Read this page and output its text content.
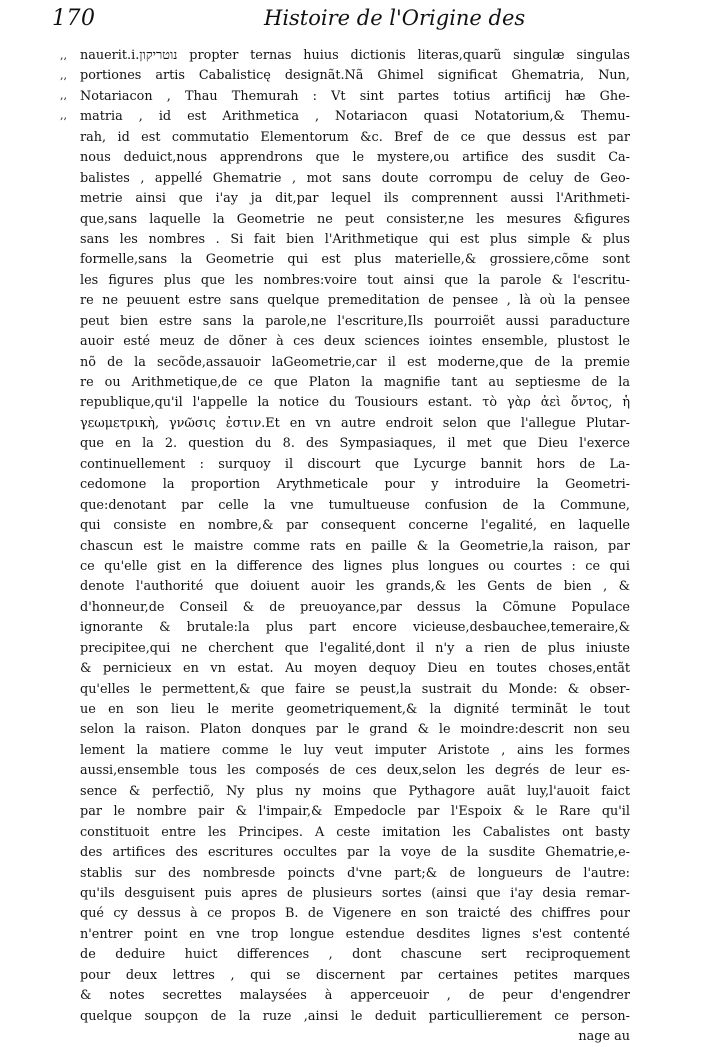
170	Histoire de l'Origine des
,,
,,
,,
,,
nauerit.i.נוטריקון propter ternas huius dictionis literas,quarũ singulæ singulas
portiones artis Cabalisticę designãt.Nã Ghimel significat Ghematria, Nun,
Notariacon , Thau Themurah : Vt sint partes totius artificij hæ Ghe-
matria , id est Arithmetica , Notariacon quasi Notatorium,& Themu-
rah, id est commutatio Elementorum &c. Bref de ce que dessus est par
nous deduict,nous apprendrons que le mystere,ou artifice des susdit Ca-
balistes , appellé Ghematrie , mot sans doute corrompu de celuy de Geo-
metrie ainsi que i'ay ja dit,par lequel ils comprennent aussi l'Arithmeti-
que,sans laquelle la Geometrie ne peut consister,ne les mesures &figures
sans les nombres . Si fait bien l'Arithmetique qui est plus simple & plus
formelle,sans la Geometrie qui est plus materielle,& grossiere,cõme sont
les figures plus que les nombres:voire tout ainsi que la parole & l'escritu-
re ne peuuent estre sans quelque premeditation de pensee , là où la pensee
peut bien estre sans la parole,ne l'escriture,Ils pourroiẽt aussi paraducture
auoir esté meuz de dõner à ces deux sciences iointes ensemble, plustost le
nõ de la secõde,assauoir laGeometrie,car il est moderne,que de la premie
re ou Arithmetique,de ce que Platon la magnifie tant au septiesme de la
republique,qu'il l'appelle la notice du Tousiours estant. τὸ γὰρ ἀεὶ ὄντος, ἡ
γεωμετρικὴ, γνῶσις ἐστιν.Et en vn autre endroit selon que l'allegue Plutar-
que en la 2. question du 8. des Sympasiaques, il met que Dieu l'exerce
continuellement : surquoy il discourt que Lycurge bannit hors de La-
cedomone la proportion Arythmeticale pour y introduire la Geometri-
que:denotant par celle la vne tumultueuse confusion de la Commune,
qui consiste en nombre,& par consequent concerne l'egalité, en laquelle
chascun est le maistre comme rats en paille & la Geometrie,la raison, par
ce qu'elle gist en la difference des lignes plus longues ou courtes : ce qui
denote l'authorité que doiuent auoir les grands,& les Gents de bien , &
d'honneur,de Conseil & de preuoyance,par dessus la Cõmune Populace
ignorante & brutale:la plus part encore vicieuse,desbauchee,temeraire,&
precipitee,qui ne cherchent que l'egalité,dont il n'y a rien de plus iniuste
& pernicieux en vn estat. Au moyen dequoy Dieu en toutes choses,entãt
qu'elles le permettent,& que faire se peust,la sustrait du Monde: & obser-
ue en son lieu le merite geometriquement,& la dignité terminãt le tout
selon la raison. Platon donques par le grand & le moindre:descrit non seu
lement la matiere comme le luy veut imputer Aristote , ains les formes
aussi,ensemble tous les composés de ces deux,selon les degrés de leur es-
sence & perfectiõ, Ny plus ny moins que Pythagore auãt luy,l'auoit faict
par le nombre pair & l'impair,& Empedocle par l'Espoix & le Rare qu'il
constituoit entre les Principes. A ceste imitation les Cabalistes ont basty
des artifices des escritures occultes par la voye de la susdite Ghematrie,e-
stablis sur des nombresde poincts d'vne part;& de longueurs de l'autre:
qu'ils desguisent puis apres de plusieurs sortes (ainsi que i'ay desia remar-
qué cy dessus à ce propos B. de Vigenere en son traicté des chiffres pour
n'entrer point en vne trop longue estendue desdites lignes s'est contenté
de deduire huict differences , dont chascune sert reciproquement
pour deux lettres , qui se discernent par certaines petites marques
& notes secrettes malaysées à apperceuoir , de peur d'engendrer
quelque soupçon de la ruze ,ainsi le deduit particullierement ce person-
nage au
